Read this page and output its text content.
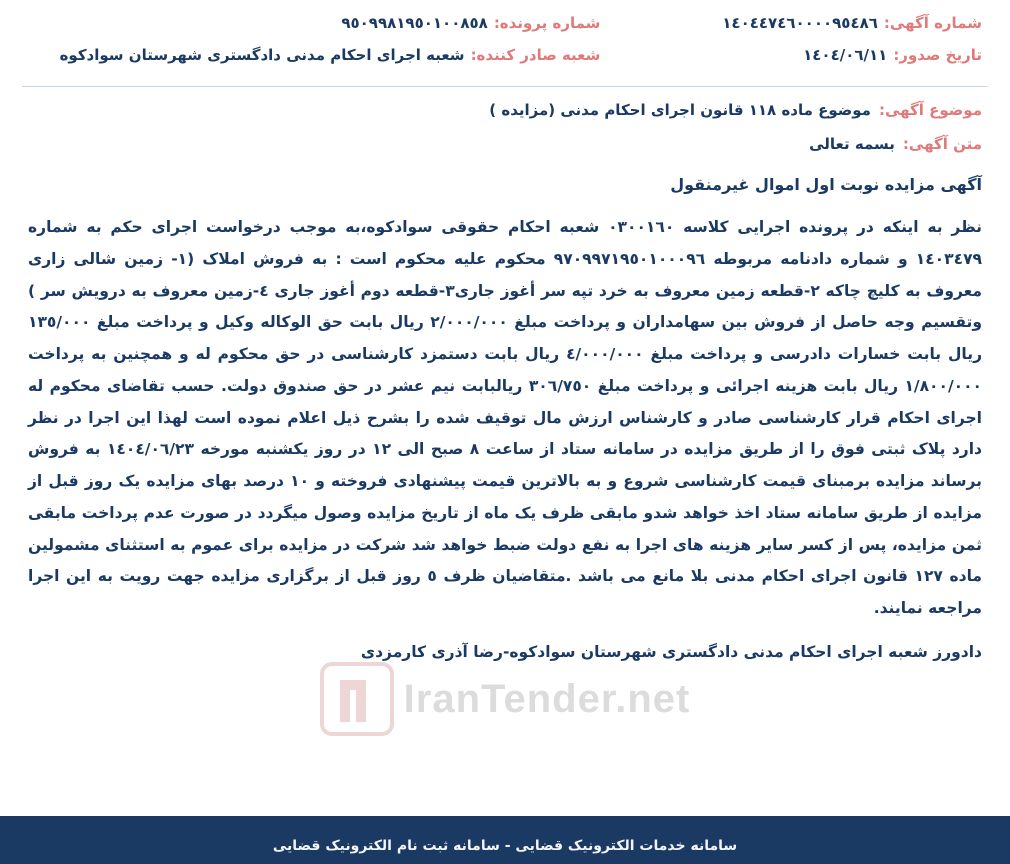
شماره آگهی:
١٤٠٤٤٧٤٦٠٠٠٠٩٥٤٨٦
شماره پرونده:
٩٥٠٩٩٨١٩٥٠١٠٠٨٥٨
تاریخ صدور:
١٤٠٤/٠٦/١١
شعبه صادر کننده:
شعبه اجرای احکام مدنی دادگستری شهرستان سوادکوه
موضوع آگهی:
موضوع ماده ١١٨ قانون اجرای احکام مدنی (مزایده )
متن آگهی:
بسمه تعالی
آگهی مزایده نوبت اول اموال غیرمنقول

نظر به اینکه در پرونده اجرایی کلاسه ٠٣٠٠١٦٠ شعبه احکام حقوقی سوادکوه،به موجب درخواست اجرای حکم به شماره ١٤٠٣٤٧٩ و شماره دادنامه مربوطه ٩٧٠٩٩٧١٩٥٠١٠٠٠٩٦ محکوم علیه محکوم است : به فروش املاک (١- زمین شالی زاری معروف به کلیچ چاکه ٢-قطعه زمین معروف به خرد تپه سر أغوز جاری٣-قطعه دوم أغوز جاری ٤-زمین معروف به درویش سر ) وتقسیم وجه حاصل از فروش بین سهامداران و پرداخت مبلغ ٢/٠٠٠/٠٠٠ ریال بابت حق الوکاله وکیل و پرداخت مبلغ ١٣٥/٠٠٠ ریال بابت خسارات دادرسی و پرداخت مبلغ ٤/٠٠٠/٠٠٠ ریال بابت دستمزد کارشناسی در حق محکوم له و همچنین به پرداخت ١/٨٠٠/٠٠٠ ریال بابت هزینه اجرائی و پرداخت مبلغ ٣٠٦/٧٥٠ ریالبابت نیم عشر در حق صندوق دولت. حسب تقاضای محکوم له اجرای احکام قرار کارشناسی صادر و کارشناس ارزش مال توقیف شده را بشرح ذیل اعلام نموده است لهذا این اجرا در نظر دارد پلاک ثبتی فوق را از طریق مزایده در سامانه ستاد از ساعت ٨ صبح الی ١٢ در روز یکشنبه مورخه ١٤٠٤/٠٦/٢٣ به فروش برساند مزایده برمبنای قیمت کارشناسی شروع و به بالاترین قیمت پیشنهادی فروخته و ١٠ درصد بهای مزایده یک روز قبل از مزایده از طریق سامانه ستاد اخذ خواهد شدو مابقی ظرف یک ماه از تاریخ مزایده وصول میگردد در صورت عدم پرداخت مابقی ثمن مزایده، پس از کسر سایر هزینه های اجرا به نفع دولت ضبط خواهد شد شرکت در مزایده برای عموم به استثنای مشمولین ماده ١٢٧ قانون اجرای احکام مدنی بلا مانع می باشد .متقاضیان ظرف ٥ روز قبل از برگزاری مزایده جهت رویت به این اجرا مراجعه نمایند.

دادورز شعبه اجرای احکام مدنی دادگستری شهرستان سوادکوه-رضا آذری کارمزدی
IranTender.net
سامانه خدمات الکترونیک قضایی - سامانه ثبت نام الکترونیک قضایی
